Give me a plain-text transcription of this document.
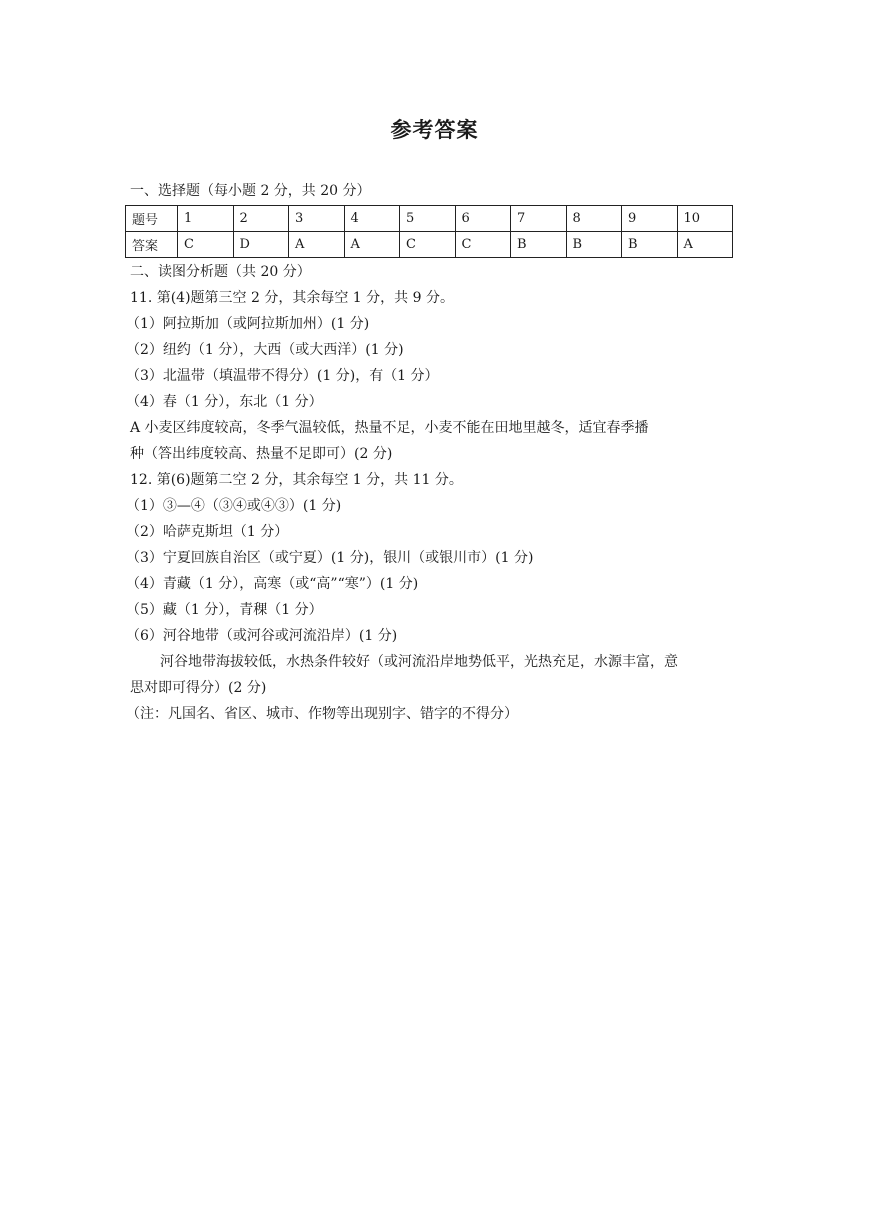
参考答案
一、选择题（每小题 2 分，共 20 分）
题号	1	2	3	4	5	6	7	8	9	10
答案	C	D	A	A	C	C	B	B	B	A
二、读图分析题（共 20 分）
11. 第(4)题第三空 2 分，其余每空 1 分，共 9 分。
（1）阿拉斯加（或阿拉斯加州）(1 分)
（2）纽约（1 分），大西（或大西洋）(1 分)
（3）北温带（填温带不得分）(1 分)，有（1 分）
（4）春（1 分），东北（1 分）
A 小麦区纬度较高，冬季气温较低，热量不足，小麦不能在田地里越冬，适宜春季播
种（答出纬度较高、热量不足即可）(2 分)
12. 第(6)题第二空 2 分，其余每空 1 分，共 11 分。
（1）③—④（③④或④③）(1 分)
（2）哈萨克斯坦（1 分）
（3）宁夏回族自治区（或宁夏）(1 分)，银川（或银川市）(1 分)
（4）青藏（1 分），高寒（或“高”“寒”）(1 分)
（5）藏（1 分），青稞（1 分）
（6）河谷地带（或河谷或河流沿岸）(1 分)
河谷地带海拔较低，水热条件较好（或河流沿岸地势低平，光热充足，水源丰富，意
思对即可得分）(2 分)
（注：凡国名、省区、城市、作物等出现别字、错字的不得分）
